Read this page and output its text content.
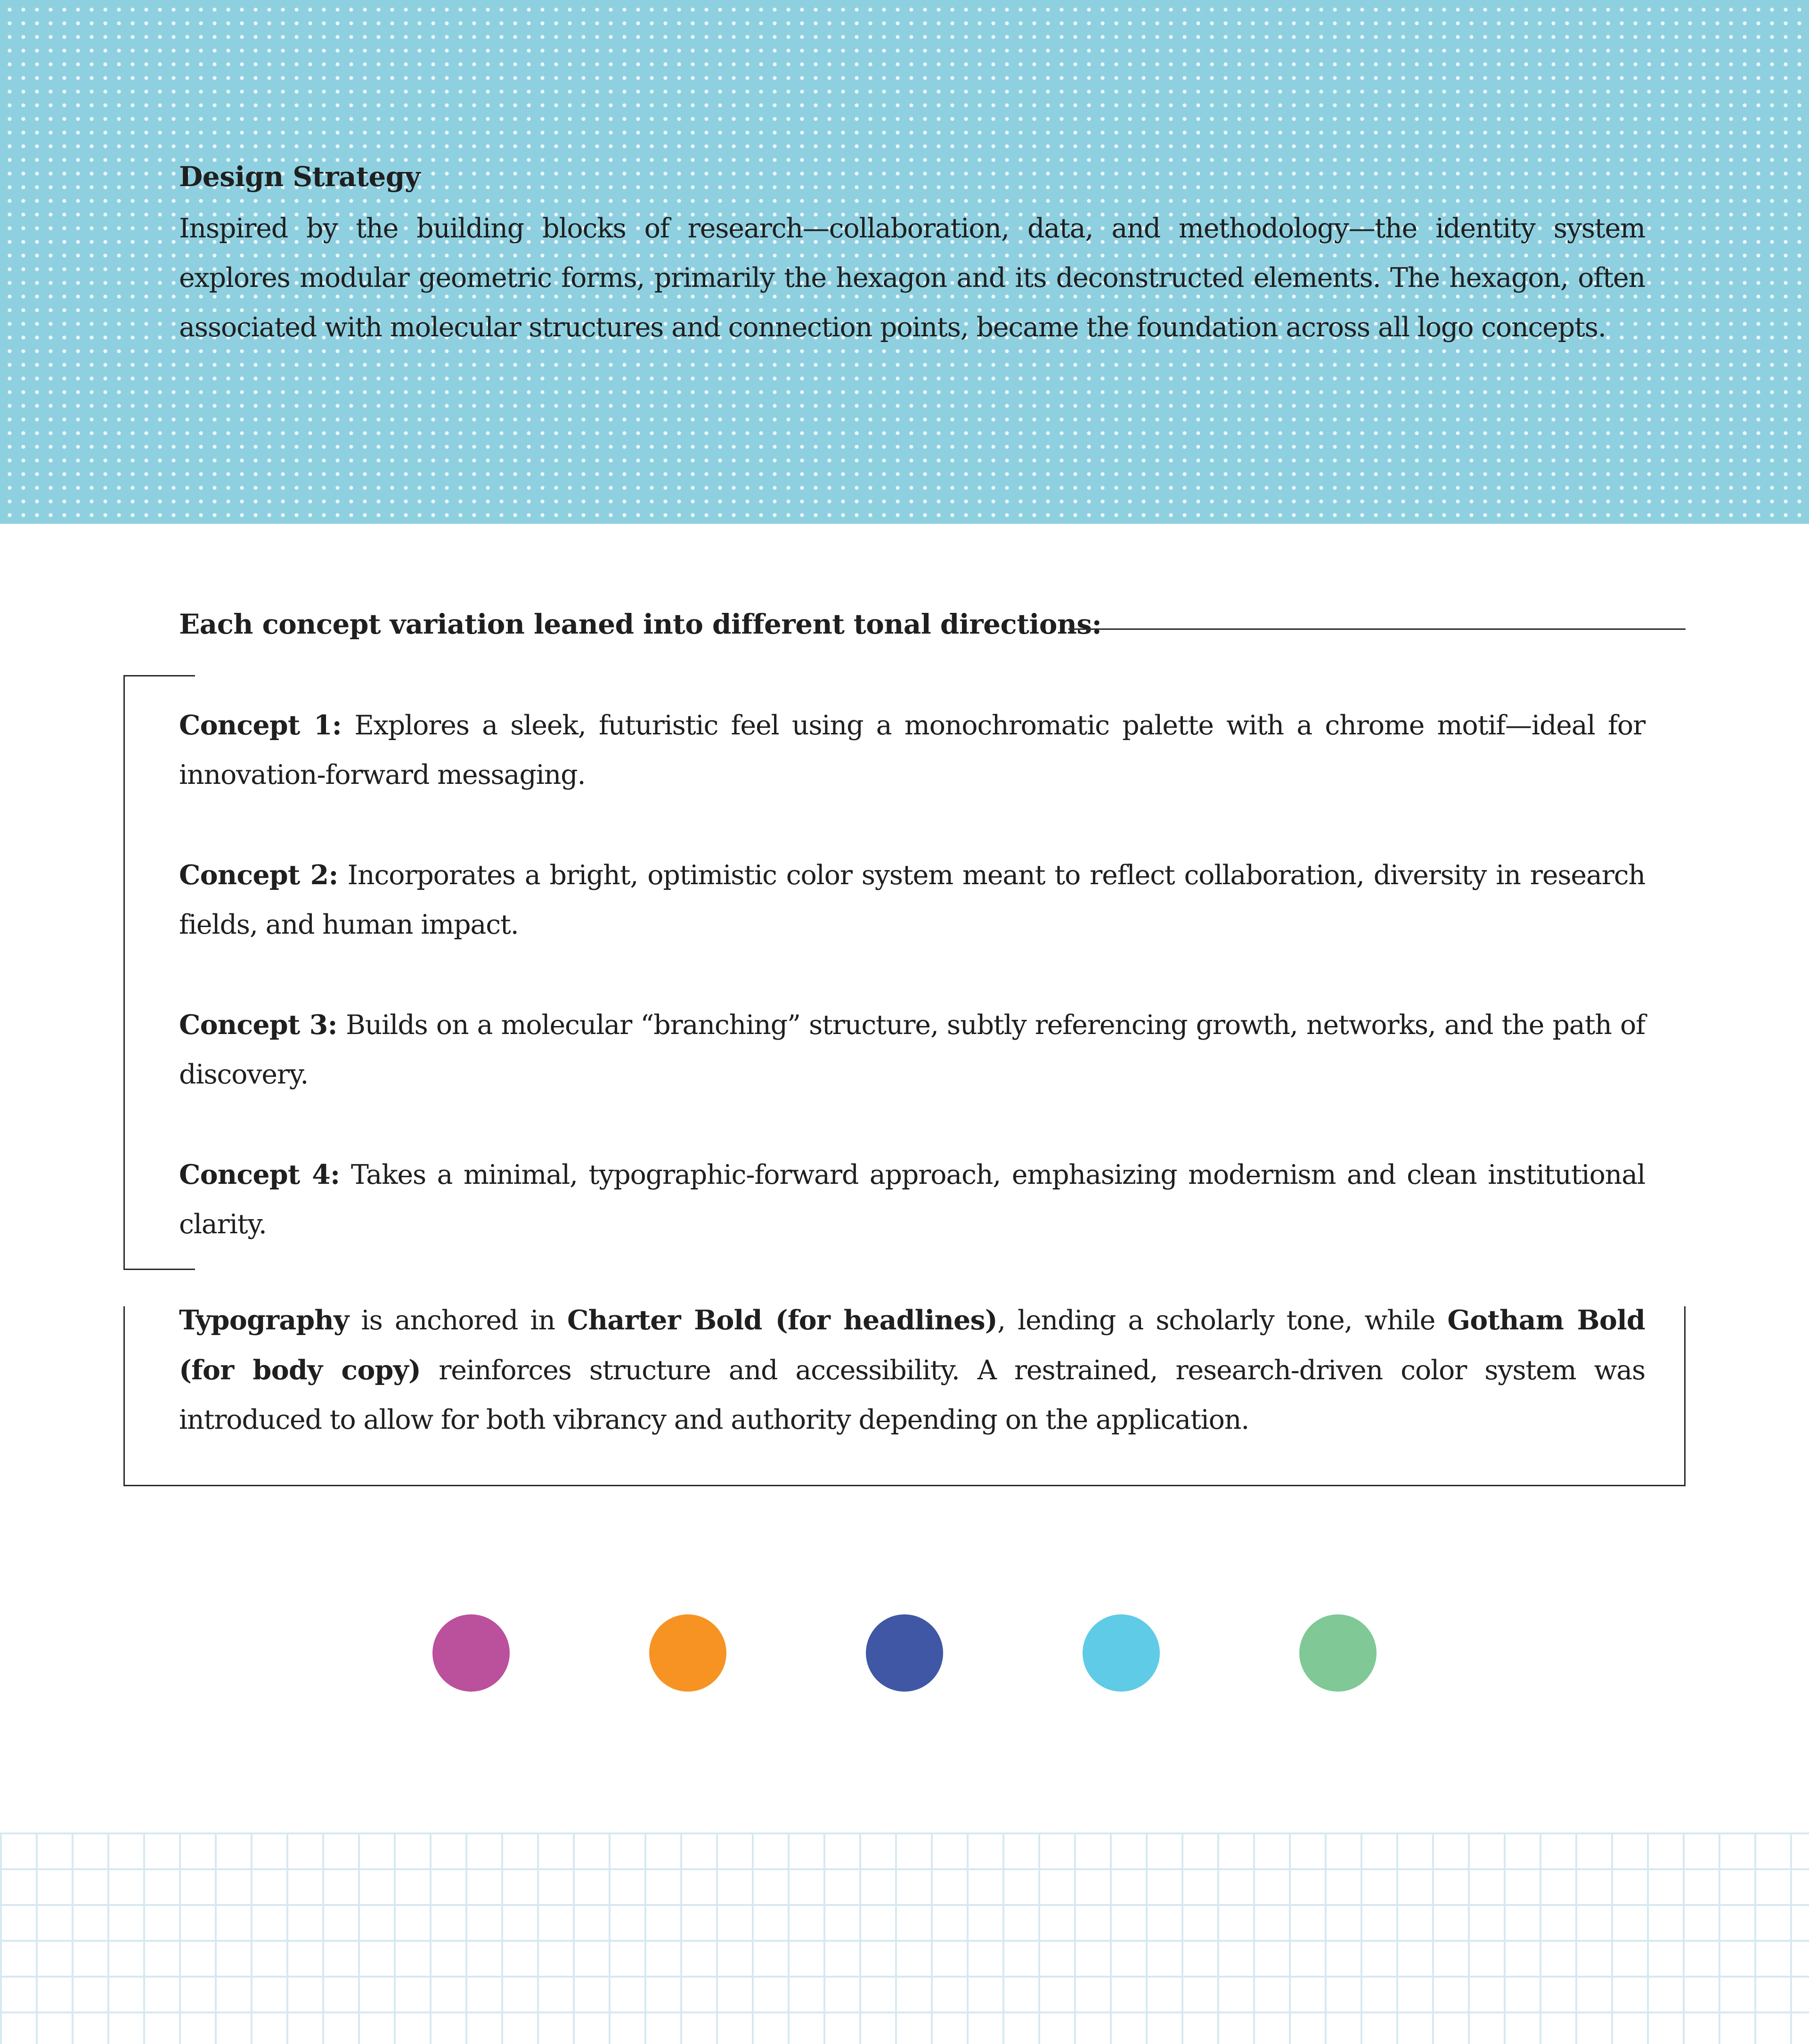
Design Strategy
Inspired by the building blocks of research—collaboration, data, and methodology—the identity system explores modular geometric forms, primarily the hexagon and its deconstructed elements. The hexagon, often associated with molecular structures and connection points, became the foundation across all logo concepts.
Each concept variation leaned into different tonal directions:

Concept 1: Explores a sleek, futuristic feel using a monochromatic palette with a chrome motif—ideal for innovation-forward messaging.

Concept 2: Incorporates a bright, optimistic color system meant to reflect collaboration, diversity in research fields, and human impact.

Concept 3: Builds on a molecular “branching” structure, subtly referencing growth, networks, and the path of discovery.

Concept 4: Takes a minimal, typographic-forward approach, emphasizing modernism and clean institutional clarity.

Typography is anchored in Charter Bold (for headlines), lending a scholarly tone, while Gotham Bold (for body copy) reinforces structure and accessibility. A restrained, research-driven color system was introduced to allow for both vibrancy and authority depending on the application.
